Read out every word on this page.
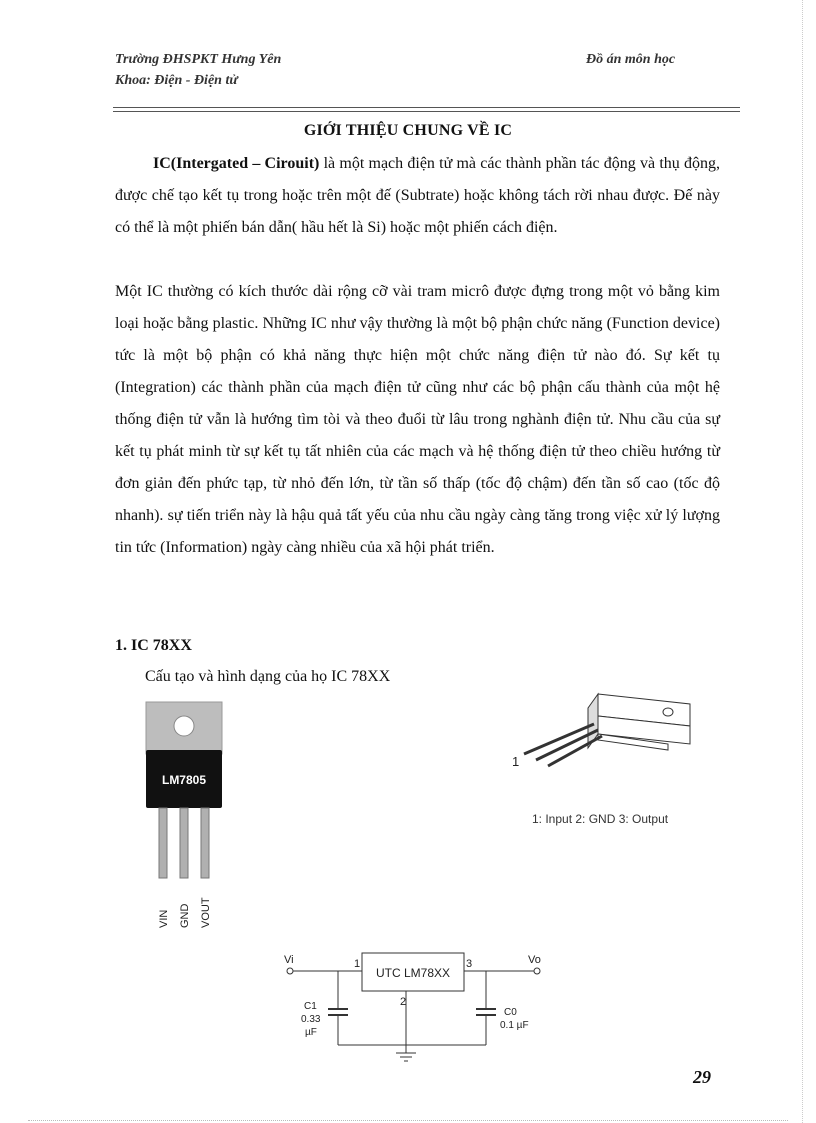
Trường ĐHSPKT Hưng Yên
Khoa: Điện - Điện tử
Đồ án môn học
GIỚI THIỆU CHUNG VỀ IC

IC(Intergated – Cirouit) là một mạch điện tử mà các thành phần tác động và thụ động, được chế tạo kết tụ trong hoặc trên một đế (Subtrate) hoặc không tách rời nhau được. Đế này có thể là một phiến bán dẫn( hầu hết là Si) hoặc một phiến cách điện.

Một IC thường có kích thước dài rộng cỡ vài tram micrô được đựng trong một vỏ bằng kim loại hoặc bằng plastic. Những IC như vậy thường là một bộ phận chức năng (Function device) tức là một bộ phận có khả năng thực hiện một chức năng điện tử nào đó. Sự kết tụ (Integration) các thành phần của mạch điện tử cũng như các bộ phận cấu thành của một hệ thống điện tử vẫn là hướng tìm tòi và theo đuổi từ lâu trong nghành điện tử. Nhu cầu của sự kết tụ phát minh từ sự kết tụ tất nhiên của các mạch và hệ thống điện tử theo chiều hướng từ đơn giản đến phức tạp, từ nhỏ đến lớn, từ tần số thấp (tốc độ chậm) đến tần số cao (tốc độ nhanh). sự tiến triển này là hậu quả tất yếu của nhu cầu ngày càng tăng trong việc xử lý lượng tin tức (Information) ngày càng nhiều của xã hội phát triển.

1. IC 78XX
Cấu tạo và hình dạng của họ IC 78XX
LM7805
VIN GND VOUT
1
1: Input 2: GND 3: Output
Vi	1
UTC LM78XX
3	Vo
2
C1
0.33
µF
C0
0.1 µF
29
